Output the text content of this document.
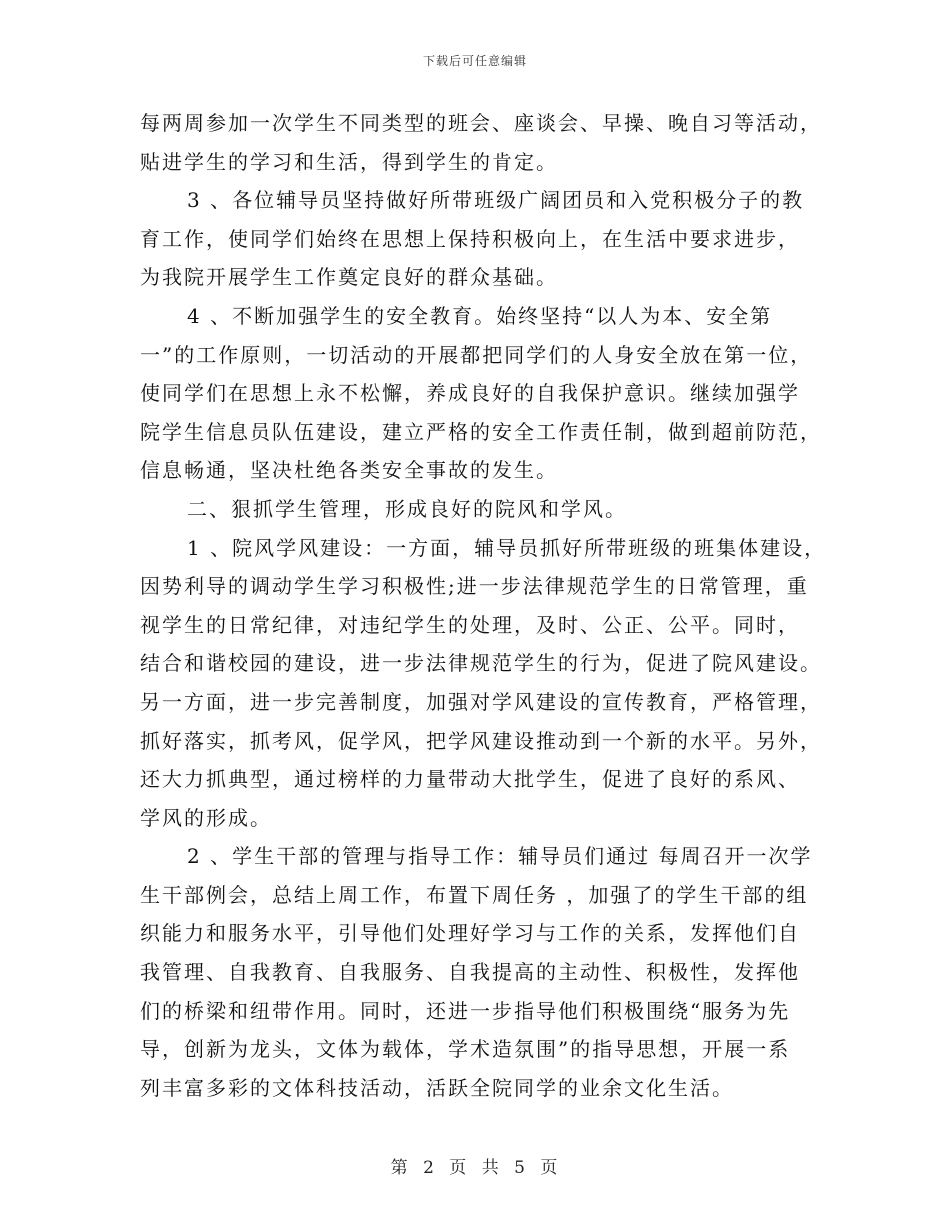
下载后可任意编辑
每两周参加一次学生不同类型的班会、座谈会、早操、晚自习等活动，
贴进学生的学习和生活，得到学生的肯定。
3 、各位辅导员坚持做好所带班级广阔团员和入党积极分子的教
育工作，使同学们始终在思想上保持积极向上，在生活中要求进步，
为我院开展学生工作奠定良好的群众基础。
4 、不断加强学生的安全教育。始终坚持“以人为本、安全第
一”的工作原则，一切活动的开展都把同学们的人身安全放在第一位，
使同学们在思想上永不松懈，养成良好的自我保护意识。继续加强学
院学生信息员队伍建设，建立严格的安全工作责任制，做到超前防范，
信息畅通，坚决杜绝各类安全事故的发生。
二、狠抓学生管理，形成良好的院风和学风。
1 、院风学风建设：一方面，辅导员抓好所带班级的班集体建设，
因势利导的调动学生学习积极性;进一步法律规范学生的日常管理，重
视学生的日常纪律，对违纪学生的处理，及时、公正、公平。同时，
结合和谐校园的建设，进一步法律规范学生的行为，促进了院风建设。
另一方面，进一步完善制度，加强对学风建设的宣传教育，严格管理，
抓好落实，抓考风，促学风，把学风建设推动到一个新的水平。另外，
还大力抓典型，通过榜样的力量带动大批学生，促进了良好的系风、
学风的形成。
2 、学生干部的管理与指导工作：辅导员们通过 每周召开一次学
生干部例会，总结上周工作，布置下周任务 ，加强了的学生干部的组
织能力和服务水平，引导他们处理好学习与工作的关系，发挥他们自
我管理、自我教育、自我服务、自我提高的主动性、积极性，发挥他
们的桥梁和纽带作用。同时，还进一步指导他们积极围绕“服务为先
导，创新为龙头，文体为载体，学术造氛围”的指导思想，开展一系
列丰富多彩的文体科技活动，活跃全院同学的业余文化生活。
第 2 页 共 5 页
